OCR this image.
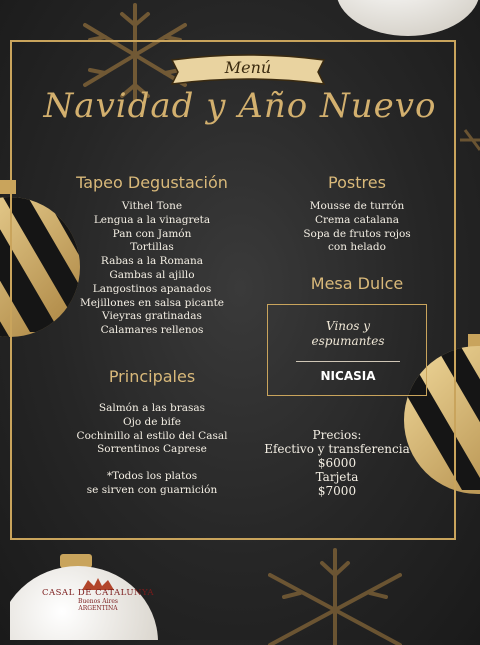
Menú
Navidad y Año Nuevo
Tapeo Degustación
Vithel Tone
Lengua a la vinagreta
Pan con Jamón
Tortillas
Rabas a la Romana
Gambas al ajillo
Langostinos apanados
Mejillones en salsa picante
Vieyras gratinadas
Calamares rellenos
Postres
Mousse de turrón
Crema catalana
Sopa de frutos rojos
con helado
Mesa Dulce
Vinos y
espumantes
NICASIA
Principales
Salmón a las brasas
Ojo de bife
Cochinillo al estilo del Casal
Sorrentinos Caprese
*Todos los platos
se sirven con guarnición
Precios:
Efectivo y transferencia
$6000
Tarjeta
$7000
CASAL DE CATALUNYA
Buenos Aires
ARGENTINA
